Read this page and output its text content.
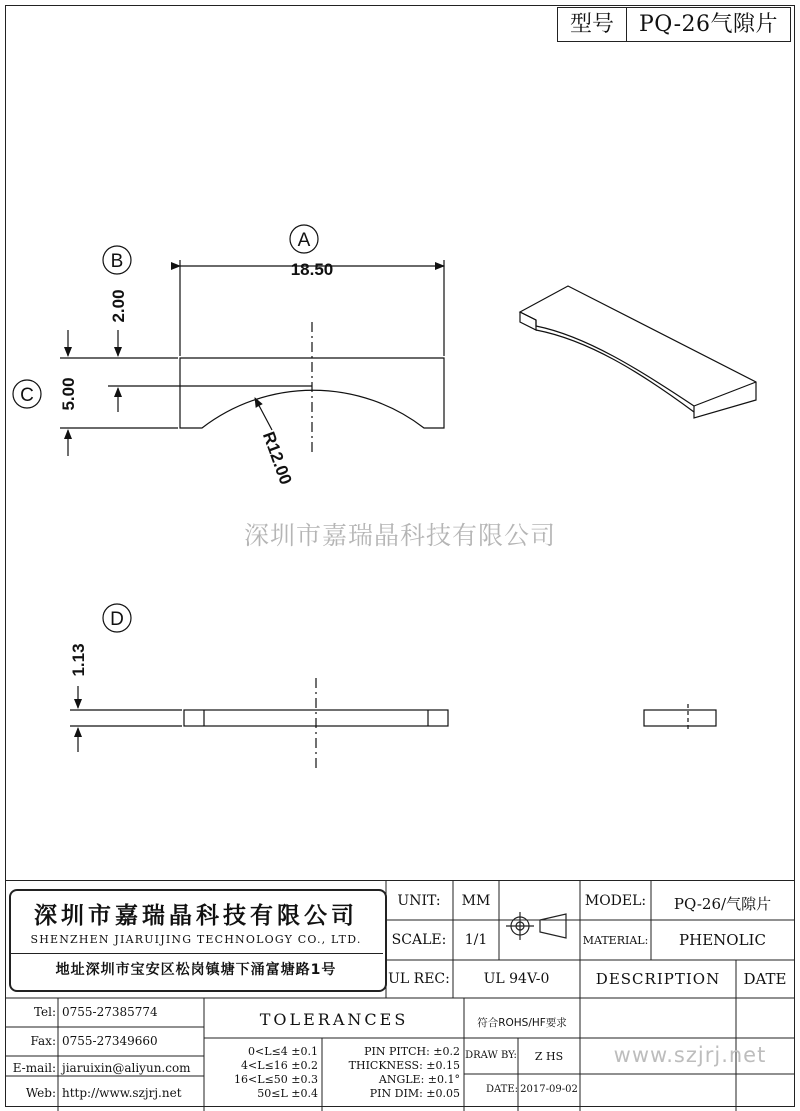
型号	PQ-26气隙片
A
B
C
D
18.50
2.00
5.00
R12.00
1.13
深圳市嘉瑞晶科技有限公司
深圳市嘉瑞晶科技有限公司
SHENZHEN JIARUIJING TECHNOLOGY CO., LTD.
地址深圳市宝安区松岗镇塘下涌富塘路1号
Tel: 0755-27385774
Fax: 0755-27349660
E-mail: jiaruixin@aliyun.com
Web: http://www.szjrj.net
UNIT:	MM
SCALE:	1/1
UL REC:	UL 94V-0
MODEL:	PQ-26/气隙片
MATERIAL:	PHENOLIC
DESCRIPTION	DATE
TOLERANCES
0<L≤4 ±0.1
4<L≤16 ±0.2
16<L≤50 ±0.3
50≤L ±0.4
PIN PITCH: ±0.2
THICKNESS: ±0.15
ANGLE: ±0.1°
PIN DIM: ±0.05
符合ROHS/HF要求
DRAW BY:	Z HS
DATE: 2017-09-02
www.szjrj.net
